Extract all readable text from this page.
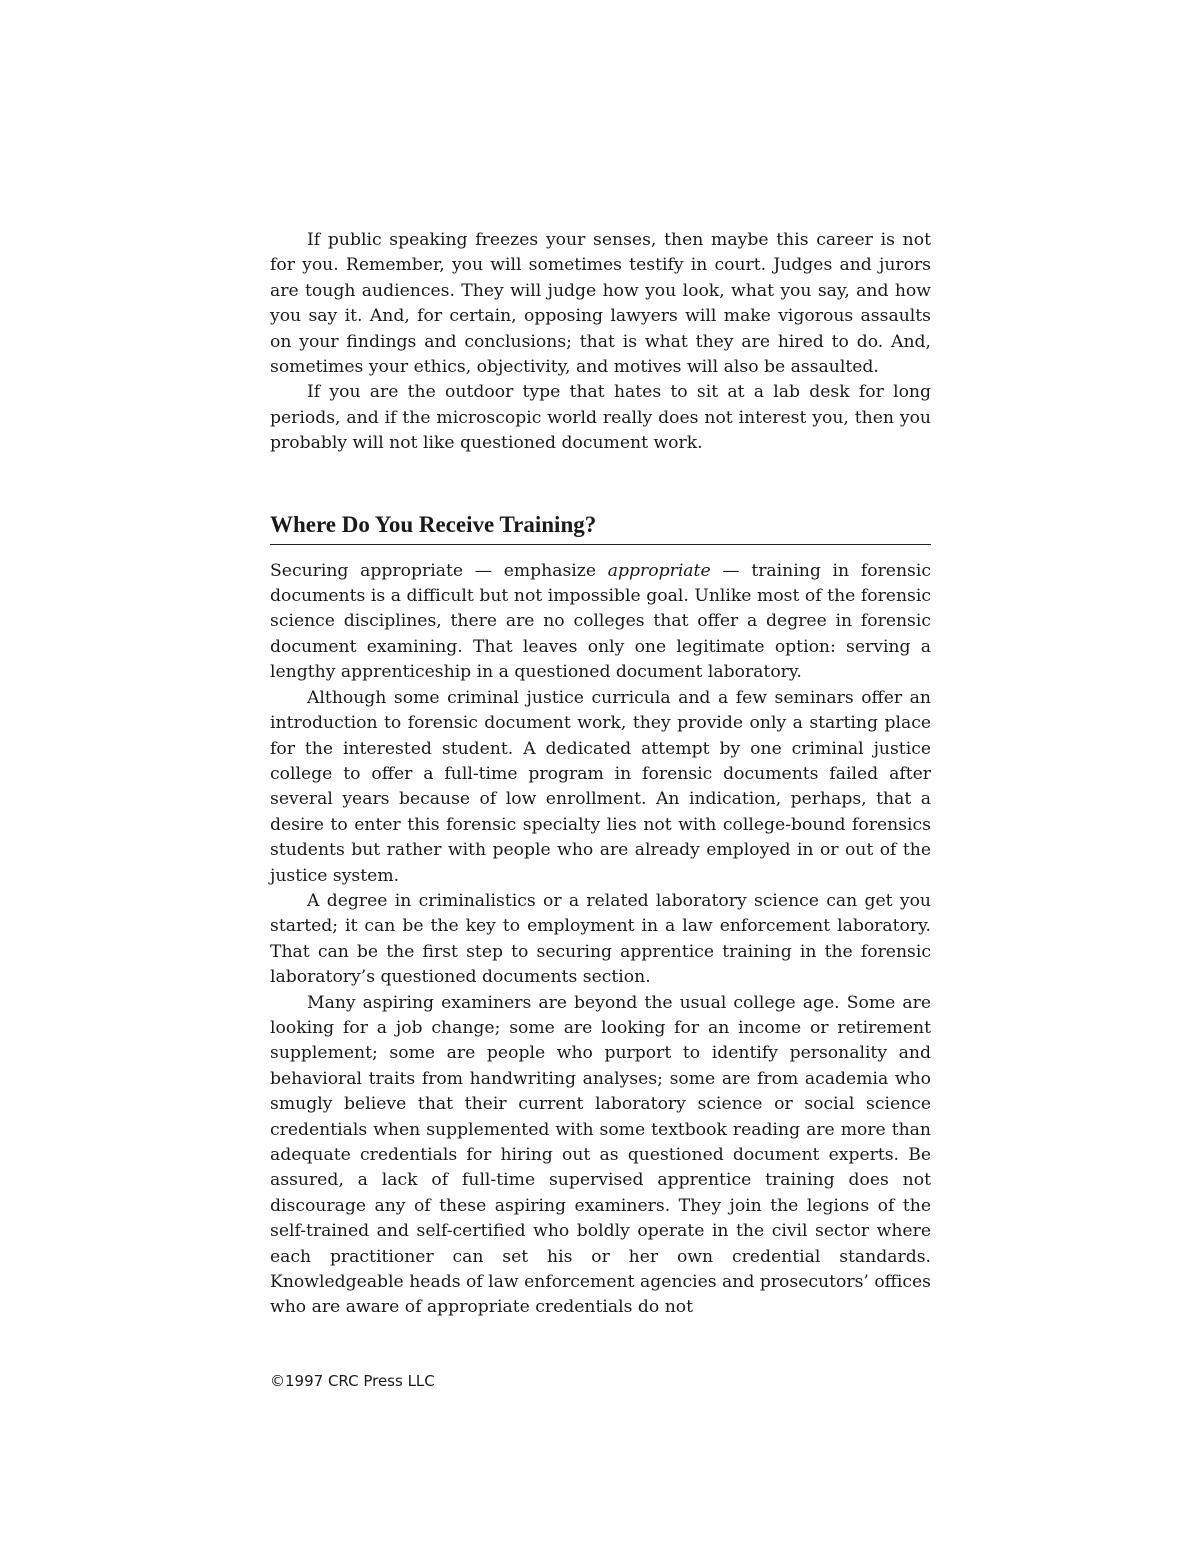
If public speaking freezes your senses, then maybe this career is not for you. Remember, you will sometimes testify in court. Judges and jurors are tough audiences. They will judge how you look, what you say, and how you say it. And, for certain, opposing lawyers will make vigorous assaults on your findings and conclusions; that is what they are hired to do. And, sometimes your ethics, objectivity, and motives will also be assaulted.

If you are the outdoor type that hates to sit at a lab desk for long periods, and if the microscopic world really does not interest you, then you probably will not like questioned document work.

Where Do You Receive Training?

Securing appropriate — emphasize appropriate — training in forensic documents is a difficult but not impossible goal. Unlike most of the forensic science disciplines, there are no colleges that offer a degree in forensic document examining. That leaves only one legitimate option: serving a lengthy apprenticeship in a questioned document laboratory.

Although some criminal justice curricula and a few seminars offer an introduction to forensic document work, they provide only a starting place for the interested student. A dedicated attempt by one criminal justice college to offer a full-time program in forensic documents failed after several years because of low enrollment. An indication, perhaps, that a desire to enter this forensic specialty lies not with college-bound forensics students but rather with people who are already employed in or out of the justice system.

A degree in criminalistics or a related laboratory science can get you started; it can be the key to employment in a law enforcement laboratory. That can be the first step to securing apprentice training in the forensic laboratory’s questioned documents section.

Many aspiring examiners are beyond the usual college age. Some are looking for a job change; some are looking for an income or retirement supplement; some are people who purport to identify personality and behavioral traits from handwriting analyses; some are from academia who smugly believe that their current laboratory science or social science credentials when supplemented with some textbook reading are more than adequate credentials for hiring out as questioned document experts. Be assured, a lack of full-time supervised apprentice training does not discourage any of these aspiring examiners. They join the legions of the self-trained and self-certified who boldly operate in the civil sector where each practitioner can set his or her own credential standards. Knowledgeable heads of law enforcement agencies and prosecutors’ offices who are aware of appropriate credentials do not

©1997 CRC Press LLC
